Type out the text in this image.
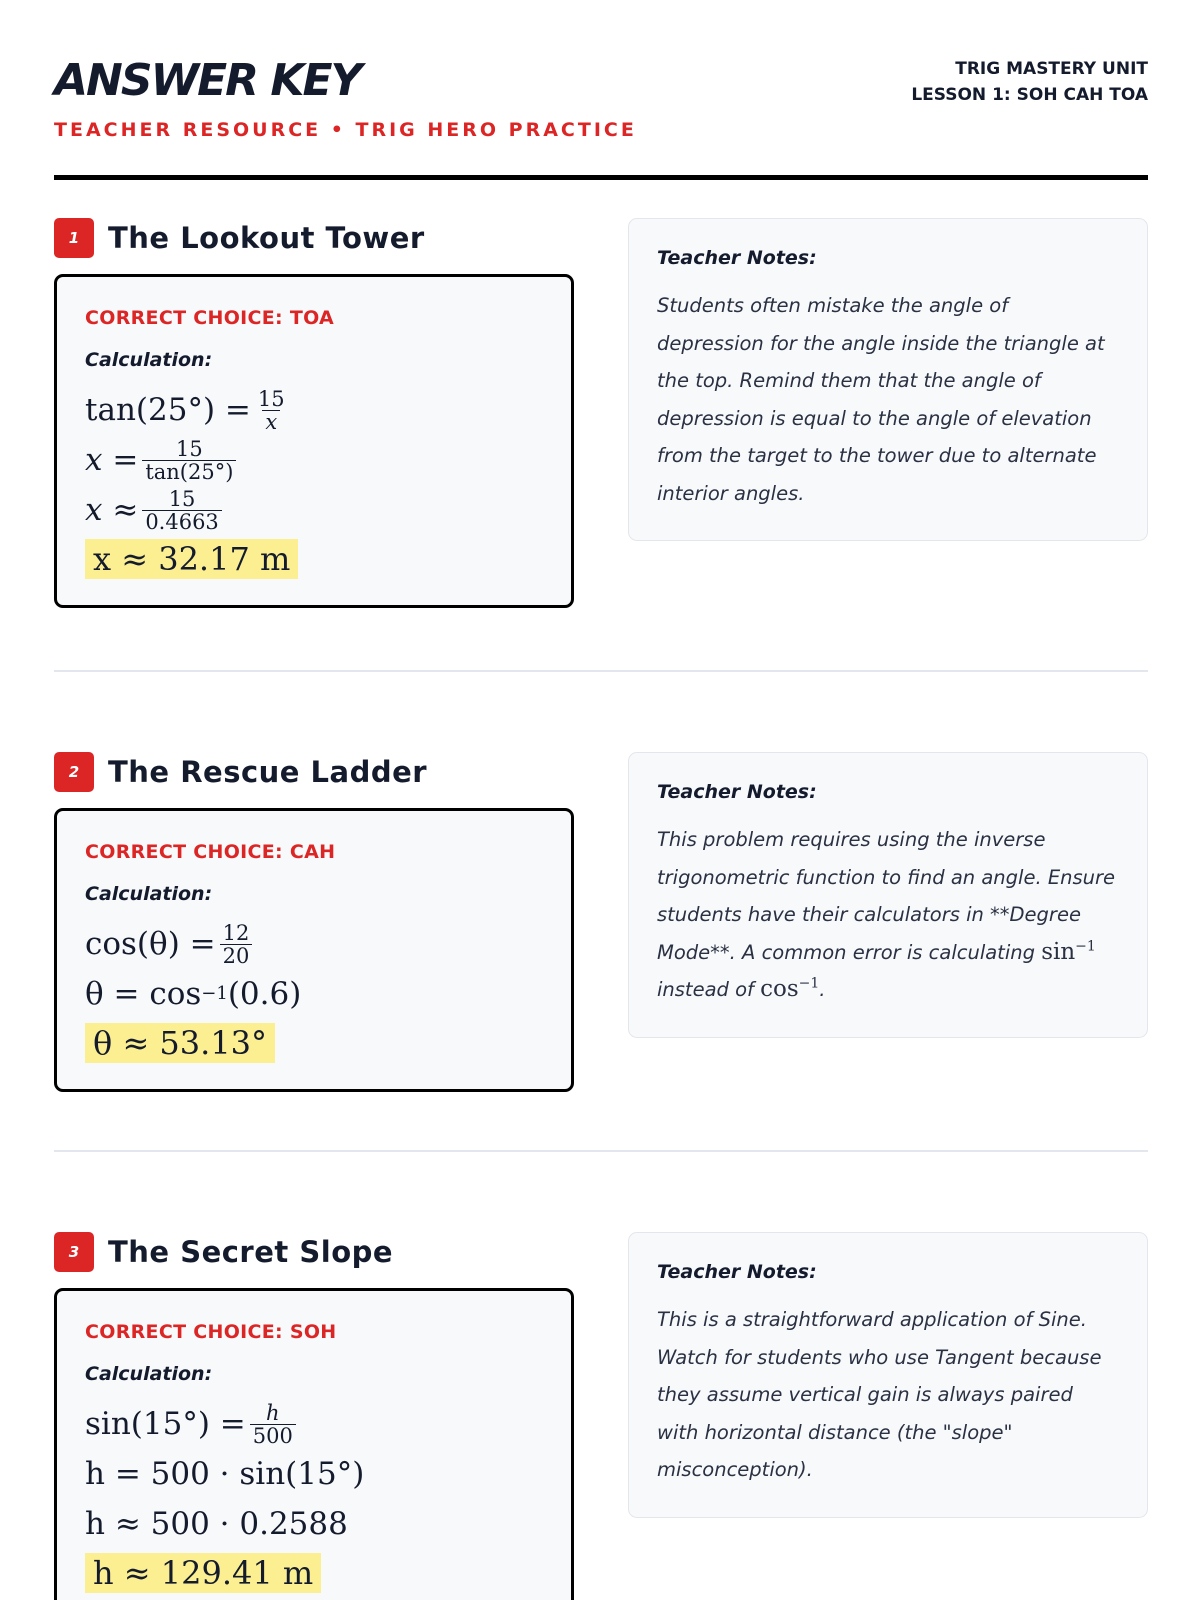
ANSWER KEY
TEACHER RESOURCE • TRIG HERO PRACTICE
TRIG MASTERY UNIT
LESSON 1: SOH CAH TOA
1 The Lookout Tower
CORRECT CHOICE: TOA
Calculation:
$\tan(25^\circ) = \frac{15}{x}$
$x = \frac{15}{\tan(25^\circ)}$
$x \approx \frac{15}{0.4663}$
x ≈ 32.17 m
Teacher Notes:
Students often mistake the angle of depression for the angle inside the triangle at the top. Remind them that the angle of depression is equal to the angle of elevation from the target to the tower due to alternate interior angles.
2 The Rescue Ladder
CORRECT CHOICE: CAH
Calculation:
$\cos(\theta) = \frac{12}{20}$
θ = cos −1 (0.6)
θ ≈ 53.13°
Teacher Notes:
This problem requires using the inverse trigonometric function to find an angle. Ensure students have their calculators in **Degree Mode**. A common error is calculating $\sin^{-1}$ instead of $\cos^{-1}$.
3 The Secret Slope
CORRECT CHOICE: SOH
Calculation:
$\sin(15^\circ) = \frac{h}{500}$
h = 500 · sin(15°)
h ≈ 500 · 0.2588
h ≈ 129.41 m
Teacher Notes:
This is a straightforward application of Sine. Watch for students who use Tangent because they assume vertical gain is always paired with horizontal distance (the "slope" misconception).
